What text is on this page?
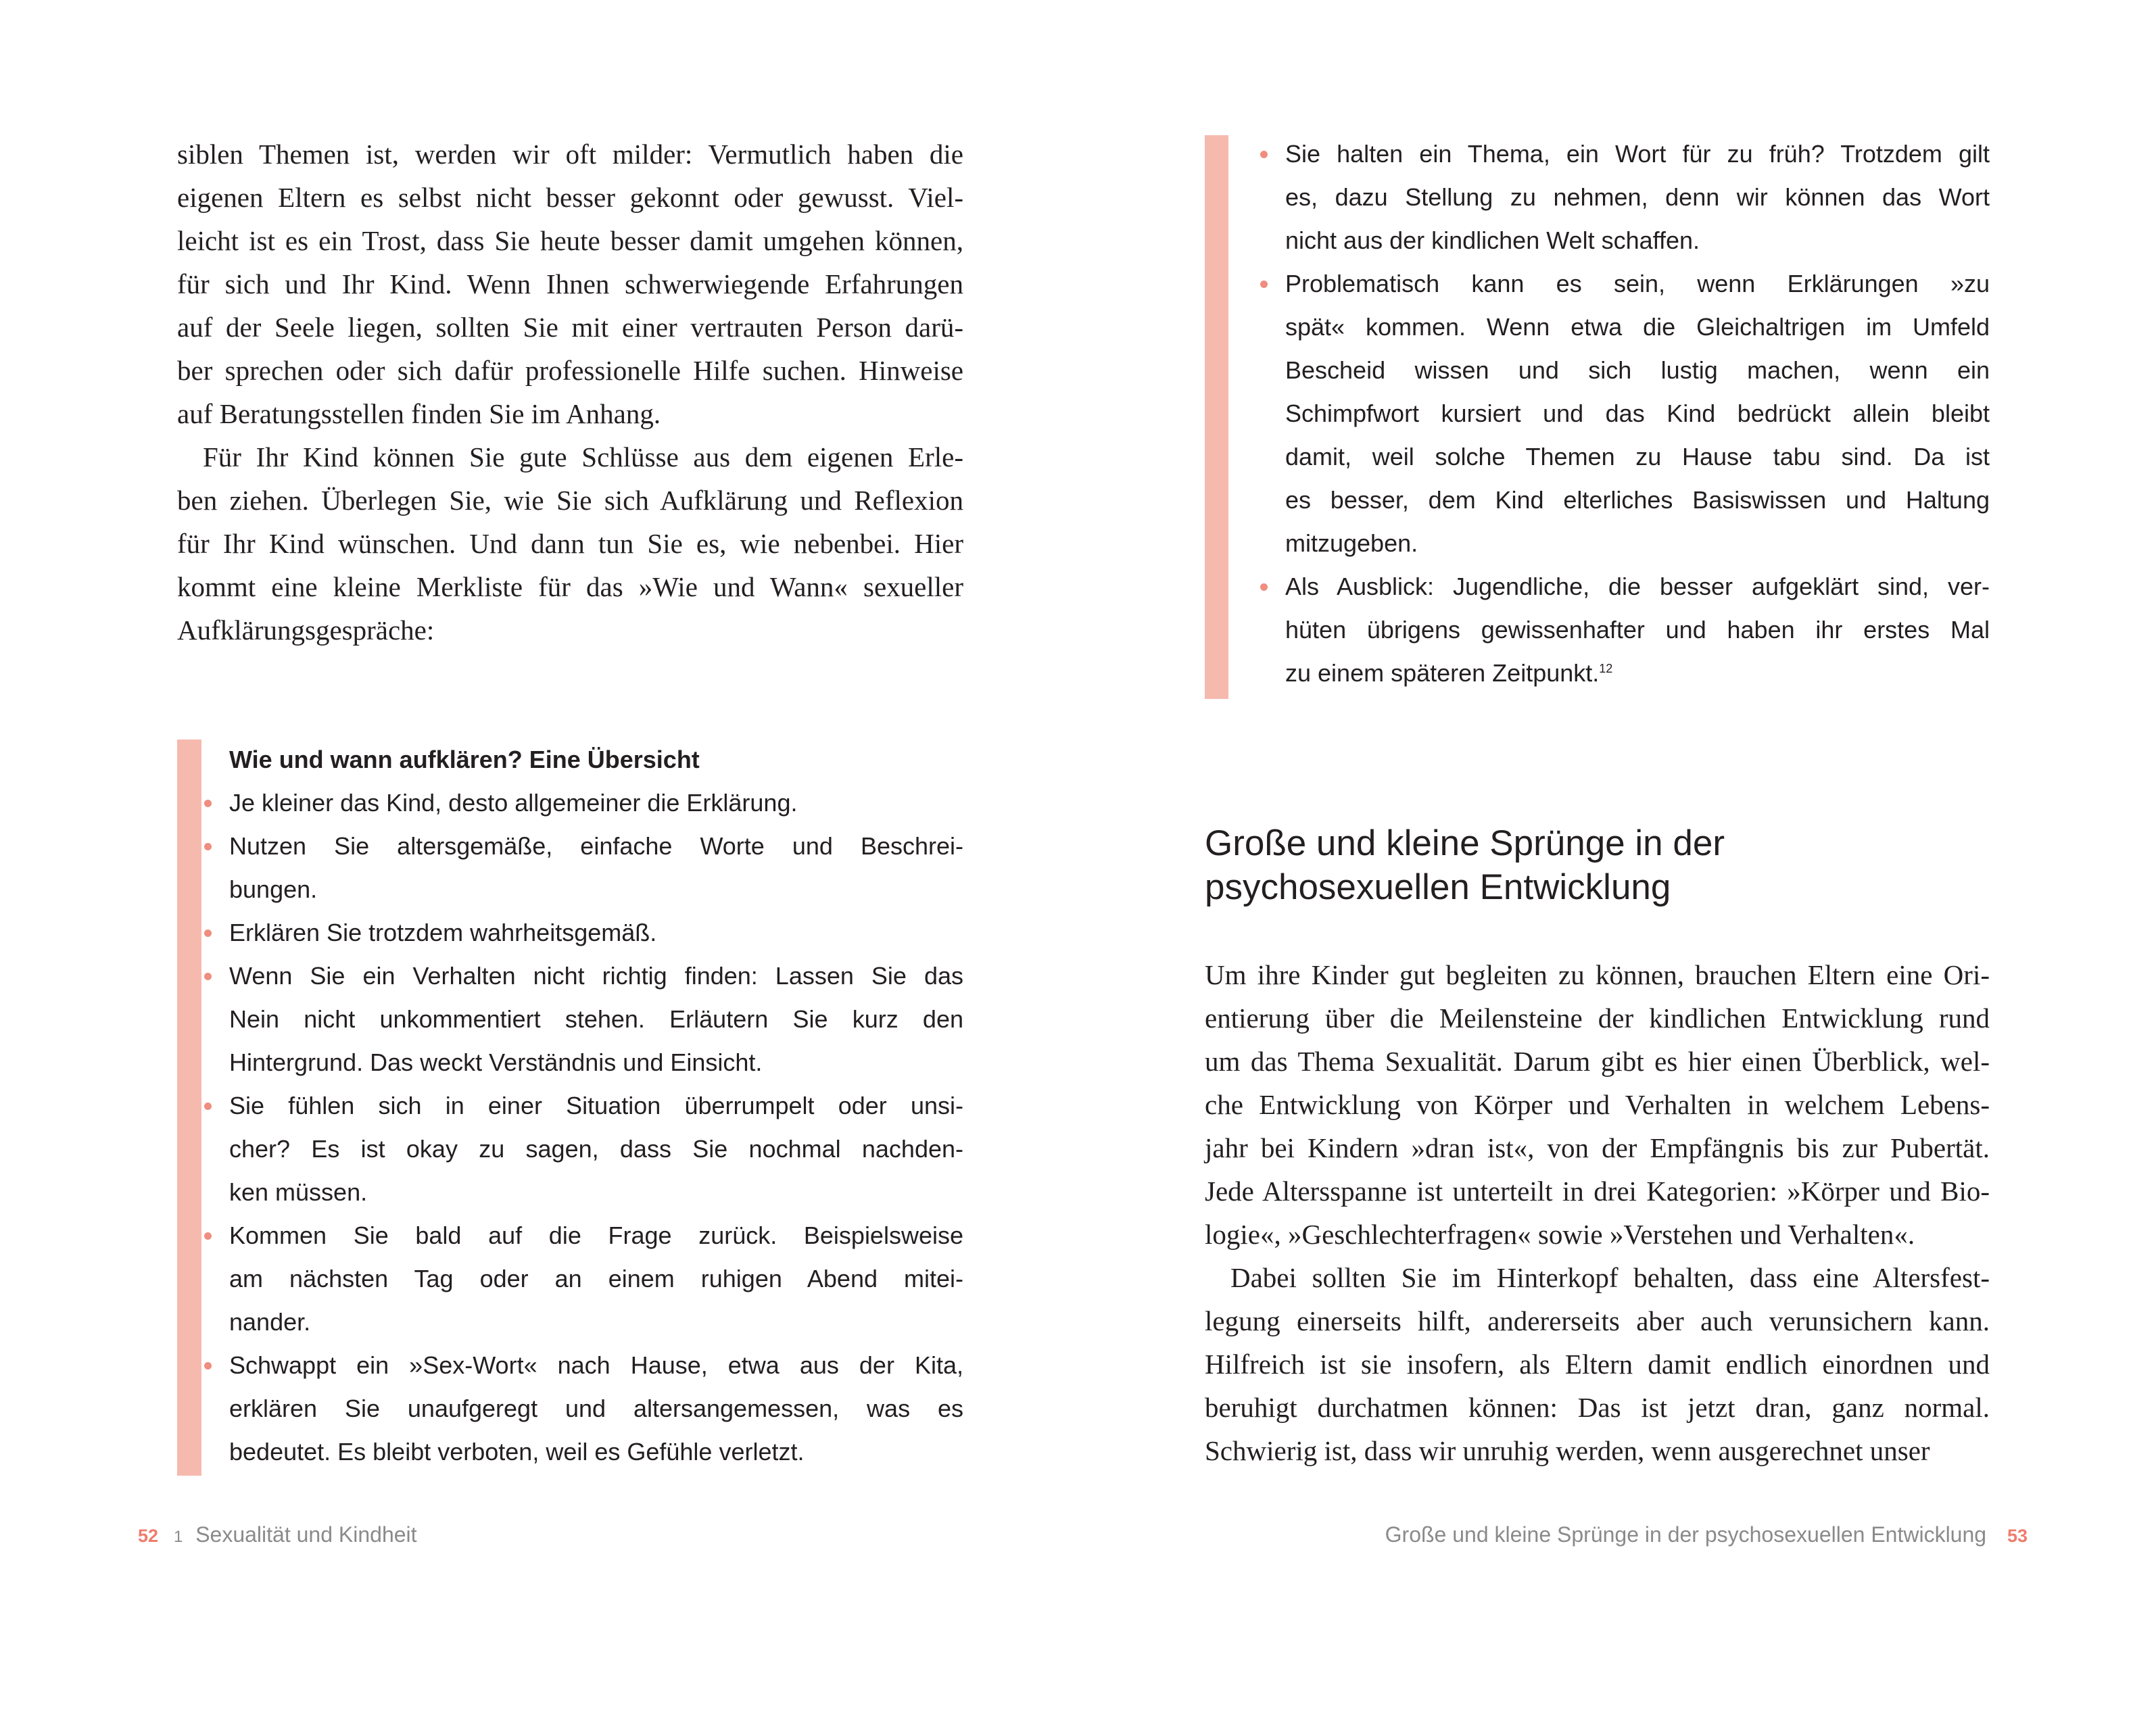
siblen Themen ist, werden wir oft milder: Vermutlich haben die
eigenen Eltern es selbst nicht besser gekonnt oder gewusst. Viel-
leicht ist es ein Trost, dass Sie heute besser damit umgehen können,
für sich und Ihr Kind. Wenn Ihnen schwerwiegende Erfahrungen
auf der Seele liegen, sollten Sie mit einer vertrauten Person darü-
ber sprechen oder sich dafür professionelle Hilfe suchen. Hinweise
auf Beratungsstellen finden Sie im Anhang.
Für Ihr Kind können Sie gute Schlüsse aus dem eigenen Erle-
ben ziehen. Überlegen Sie, wie Sie sich Aufklärung und Reflexion
für Ihr Kind wünschen. Und dann tun Sie es, wie nebenbei. Hier
kommt eine kleine Merkliste für das »Wie und Wann« sexueller
Aufklärungsgespräche:
Wie und wann aufklären? Eine Übersicht
Je kleiner das Kind, desto allgemeiner die Erklärung.
Nutzen Sie altersgemäße, einfache Worte und Beschrei-
bungen.
Erklären Sie trotzdem wahrheitsgemäß.
Wenn Sie ein Verhalten nicht richtig finden: Lassen Sie das
Nein nicht unkommentiert stehen. Erläutern Sie kurz den
Hintergrund. Das weckt Verständnis und Einsicht.
Sie fühlen sich in einer Situation überrumpelt oder unsi-
cher? Es ist okay zu sagen, dass Sie nochmal nachden-
ken müssen.
Kommen Sie bald auf die Frage zurück. Beispielsweise
am nächsten Tag oder an einem ruhigen Abend mitei-
nander.
Schwappt ein »Sex-Wort« nach Hause, etwa aus der Kita,
erklären Sie unaufgeregt und altersangemessen, was es
bedeutet. Es bleibt verboten, weil es Gefühle verletzt.
52 1 Sexualität und Kindheit
Sie halten ein Thema, ein Wort für zu früh? Trotzdem gilt
es, dazu Stellung zu nehmen, denn wir können das Wort
nicht aus der kindlichen Welt schaffen.
Problematisch kann es sein, wenn Erklärungen »zu
spät« kommen. Wenn etwa die Gleichaltrigen im Umfeld
Bescheid wissen und sich lustig machen, wenn ein
Schimpfwort kursiert und das Kind bedrückt allein bleibt
damit, weil solche Themen zu Hause tabu sind. Da ist
es besser, dem Kind elterliches Basiswissen und Haltung
mitzugeben.
Als Ausblick: Jugendliche, die besser aufgeklärt sind, ver-
hüten übrigens gewissenhafter und haben ihr erstes Mal
zu einem späteren Zeitpunkt.$^{12}$
Große und kleine Sprünge in der
psychosexuellen Entwicklung
Um ihre Kinder gut begleiten zu können, brauchen Eltern eine Ori-
entierung über die Meilensteine der kindlichen Entwicklung rund
um das Thema Sexualität. Darum gibt es hier einen Überblick, wel-
che Entwicklung von Körper und Verhalten in welchem Lebens-
jahr bei Kindern »dran ist«, von der Empfängnis bis zur Pubertät.
Jede Altersspanne ist unterteilt in drei Kategorien: »Körper und Bio-
logie«, »Geschlechterfragen« sowie »Verstehen und Verhalten«.
Dabei sollten Sie im Hinterkopf behalten, dass eine Altersfest-
legung einerseits hilft, andererseits aber auch verunsichern kann.
Hilfreich ist sie insofern, als Eltern damit endlich einordnen und
beruhigt durchatmen können: Das ist jetzt dran, ganz normal.
Schwierig ist, dass wir unruhig werden, wenn ausgerechnet unser
Große und kleine Sprünge in der psychosexuellen Entwicklung 53
